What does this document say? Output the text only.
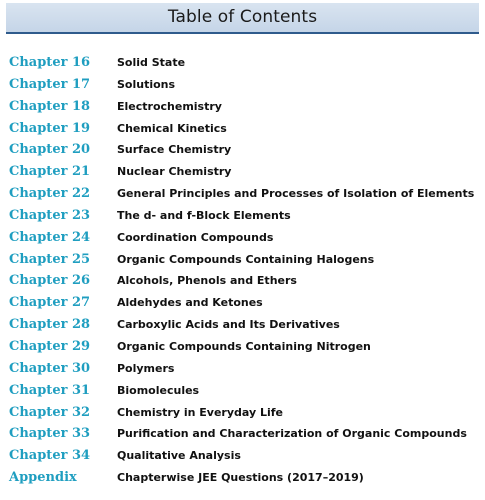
Table of Contents
Chapter 16 Solid State
Chapter 17 Solutions
Chapter 18 Electrochemistry
Chapter 19 Chemical Kinetics
Chapter 20 Surface Chemistry
Chapter 21 Nuclear Chemistry
Chapter 22 General Principles and Processes of Isolation of Elements
Chapter 23 The d- and f-Block Elements
Chapter 24 Coordination Compounds
Chapter 25 Organic Compounds Containing Halogens
Chapter 26 Alcohols, Phenols and Ethers
Chapter 27 Aldehydes and Ketones
Chapter 28 Carboxylic Acids and Its Derivatives
Chapter 29 Organic Compounds Containing Nitrogen
Chapter 30 Polymers
Chapter 31 Biomolecules
Chapter 32 Chemistry in Everyday Life
Chapter 33 Purification and Characterization of Organic Compounds
Chapter 34 Qualitative Analysis
Appendix	Chapterwise JEE Questions (2017–2019)
